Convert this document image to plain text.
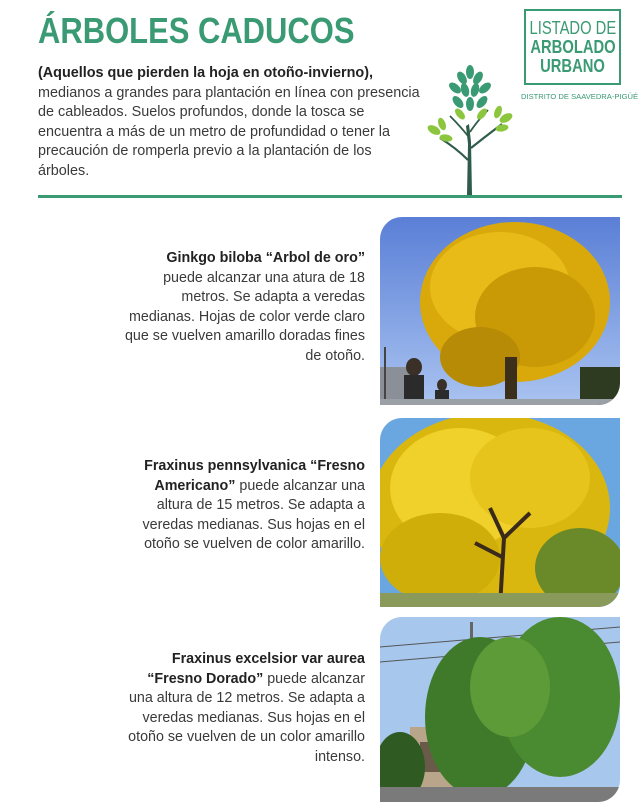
ÁRBOLES CADUCOS

(Aquellos que pierden la hoja en otoño-invierno), medianos a grandes para plantación en línea con presencia de cableados. Suelos profundos, donde la tosca se encuentra a más de un metro de profundidad o tener la precaución de romperla previo a la plantación de los árboles.

LISTADO DE
ARBOLADO
URBANO
DISTRITO DE SAAVEDRA-PIGÜÉ

Ginkgo biloba “Arbol de oro”
puede alcanzar una atura de 18 metros. Se adapta a veredas medianas. Hojas de color verde claro que se vuelven amarillo doradas fines de otoño.

Fraxinus pennsylvanica “Fresno Americano” puede alcanzar una altura de 15 metros. Se adapta a veredas medianas. Sus hojas en el otoño se vuelven de color amarillo.

Fraxinus excelsior var aurea “Fresno Dorado” puede alcanzar una altura de 12 metros. Se adapta a veredas medianas. Sus hojas en el otoño se vuelven de un color amarillo intenso.
